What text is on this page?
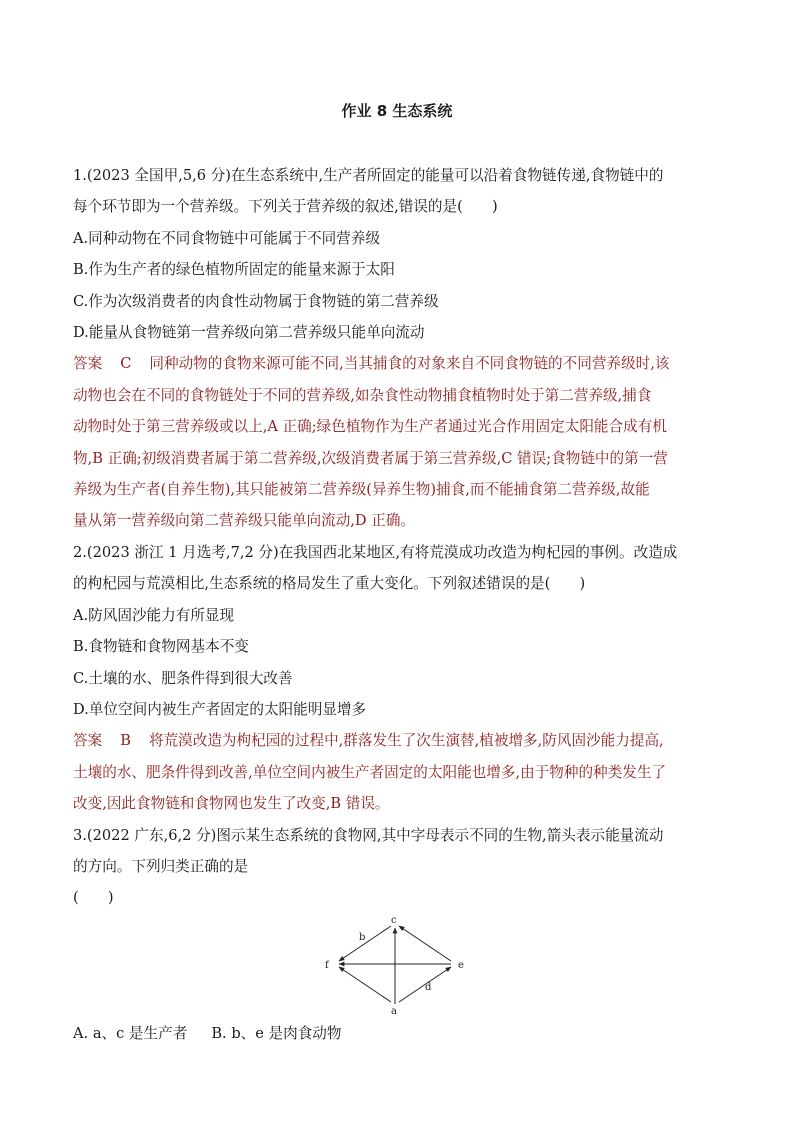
作业 8 生态系统

1.(2023 全国甲,5,6 分)在生态系统中,生产者所固定的能量可以沿着食物链传递,食物链中的

每个环节即为一个营养级。下列关于营养级的叙述,错误的是(　　)

A.同种动物在不同食物链中可能属于不同营养级

B.作为生产者的绿色植物所固定的能量来源于太阳

C.作为次级消费者的肉食性动物属于食物链的第二营养级

D.能量从食物链第一营养级向第二营养级只能单向流动

答案 C 同种动物的食物来源可能不同,当其捕食的对象来自不同食物链的不同营养级时,该

动物也会在不同的食物链处于不同的营养级,如杂食性动物捕食植物时处于第二营养级,捕食

动物时处于第三营养级或以上,A 正确;绿色植物作为生产者通过光合作用固定太阳能合成有机

物,B 正确;初级消费者属于第二营养级,次级消费者属于第三营养级,C 错误;食物链中的第一营

养级为生产者(自养生物),其只能被第二营养级(异养生物)捕食,而不能捕食第二营养级,故能

量从第一营养级向第二营养级只能单向流动,D 正确。

2.(2023 浙江 1 月选考,7,2 分)在我国西北某地区,有将荒漠成功改造为枸杞园的事例。改造成

的枸杞园与荒漠相比,生态系统的格局发生了重大变化。下列叙述错误的是(　　)

A.防风固沙能力有所显现

B.食物链和食物网基本不变

C.土壤的水、肥条件得到很大改善

D.单位空间内被生产者固定的太阳能明显增多

答案 B 将荒漠改造为枸杞园的过程中,群落发生了次生演替,植被增多,防风固沙能力提高,

土壤的水、肥条件得到改善,单位空间内被生产者固定的太阳能也增多,由于物种的种类发生了

改变,因此食物链和食物网也发生了改变,B 错误。

3.(2022 广东,6,2 分)图示某生态系统的食物网,其中字母表示不同的生物,箭头表示能量流动

的方向。下列归类正确的是

(　　)

c
f	e
a
b
d

A. a、c 是生产者 B. b、e 是肉食动物
